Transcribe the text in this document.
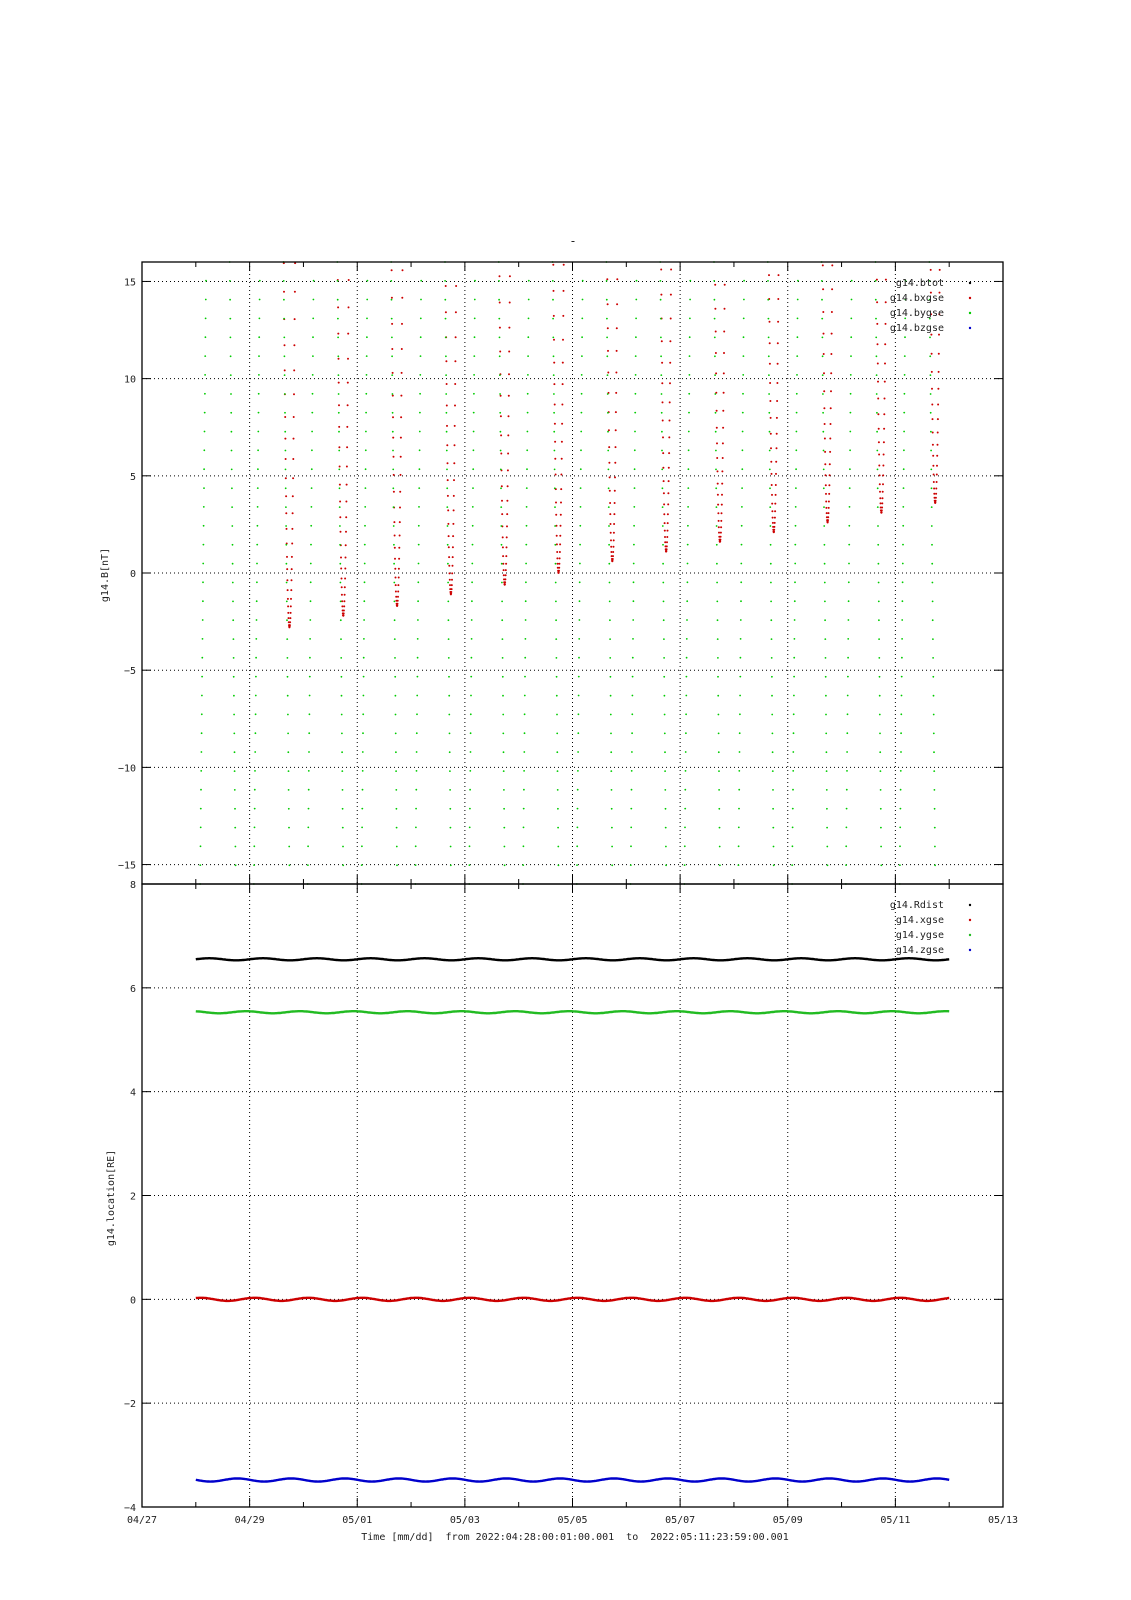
-
−15
−10
−5
0
5
10
15	g14.btot
g14.bxgse
g14.bygse
g14.bzgse
g14.B[nT]
−4
−2
0
2
4
6
8
g14.Rdist
g14.xgse
g14.ygse
g14.zgse
g14.location[RE]
04/27	04/29	05/01	05/03	05/05	05/07	05/09	05/11	05/13
Time [mm/dd]  from 2022:04:28:00:01:00.001  to  2022:05:11:23:59:00.001
